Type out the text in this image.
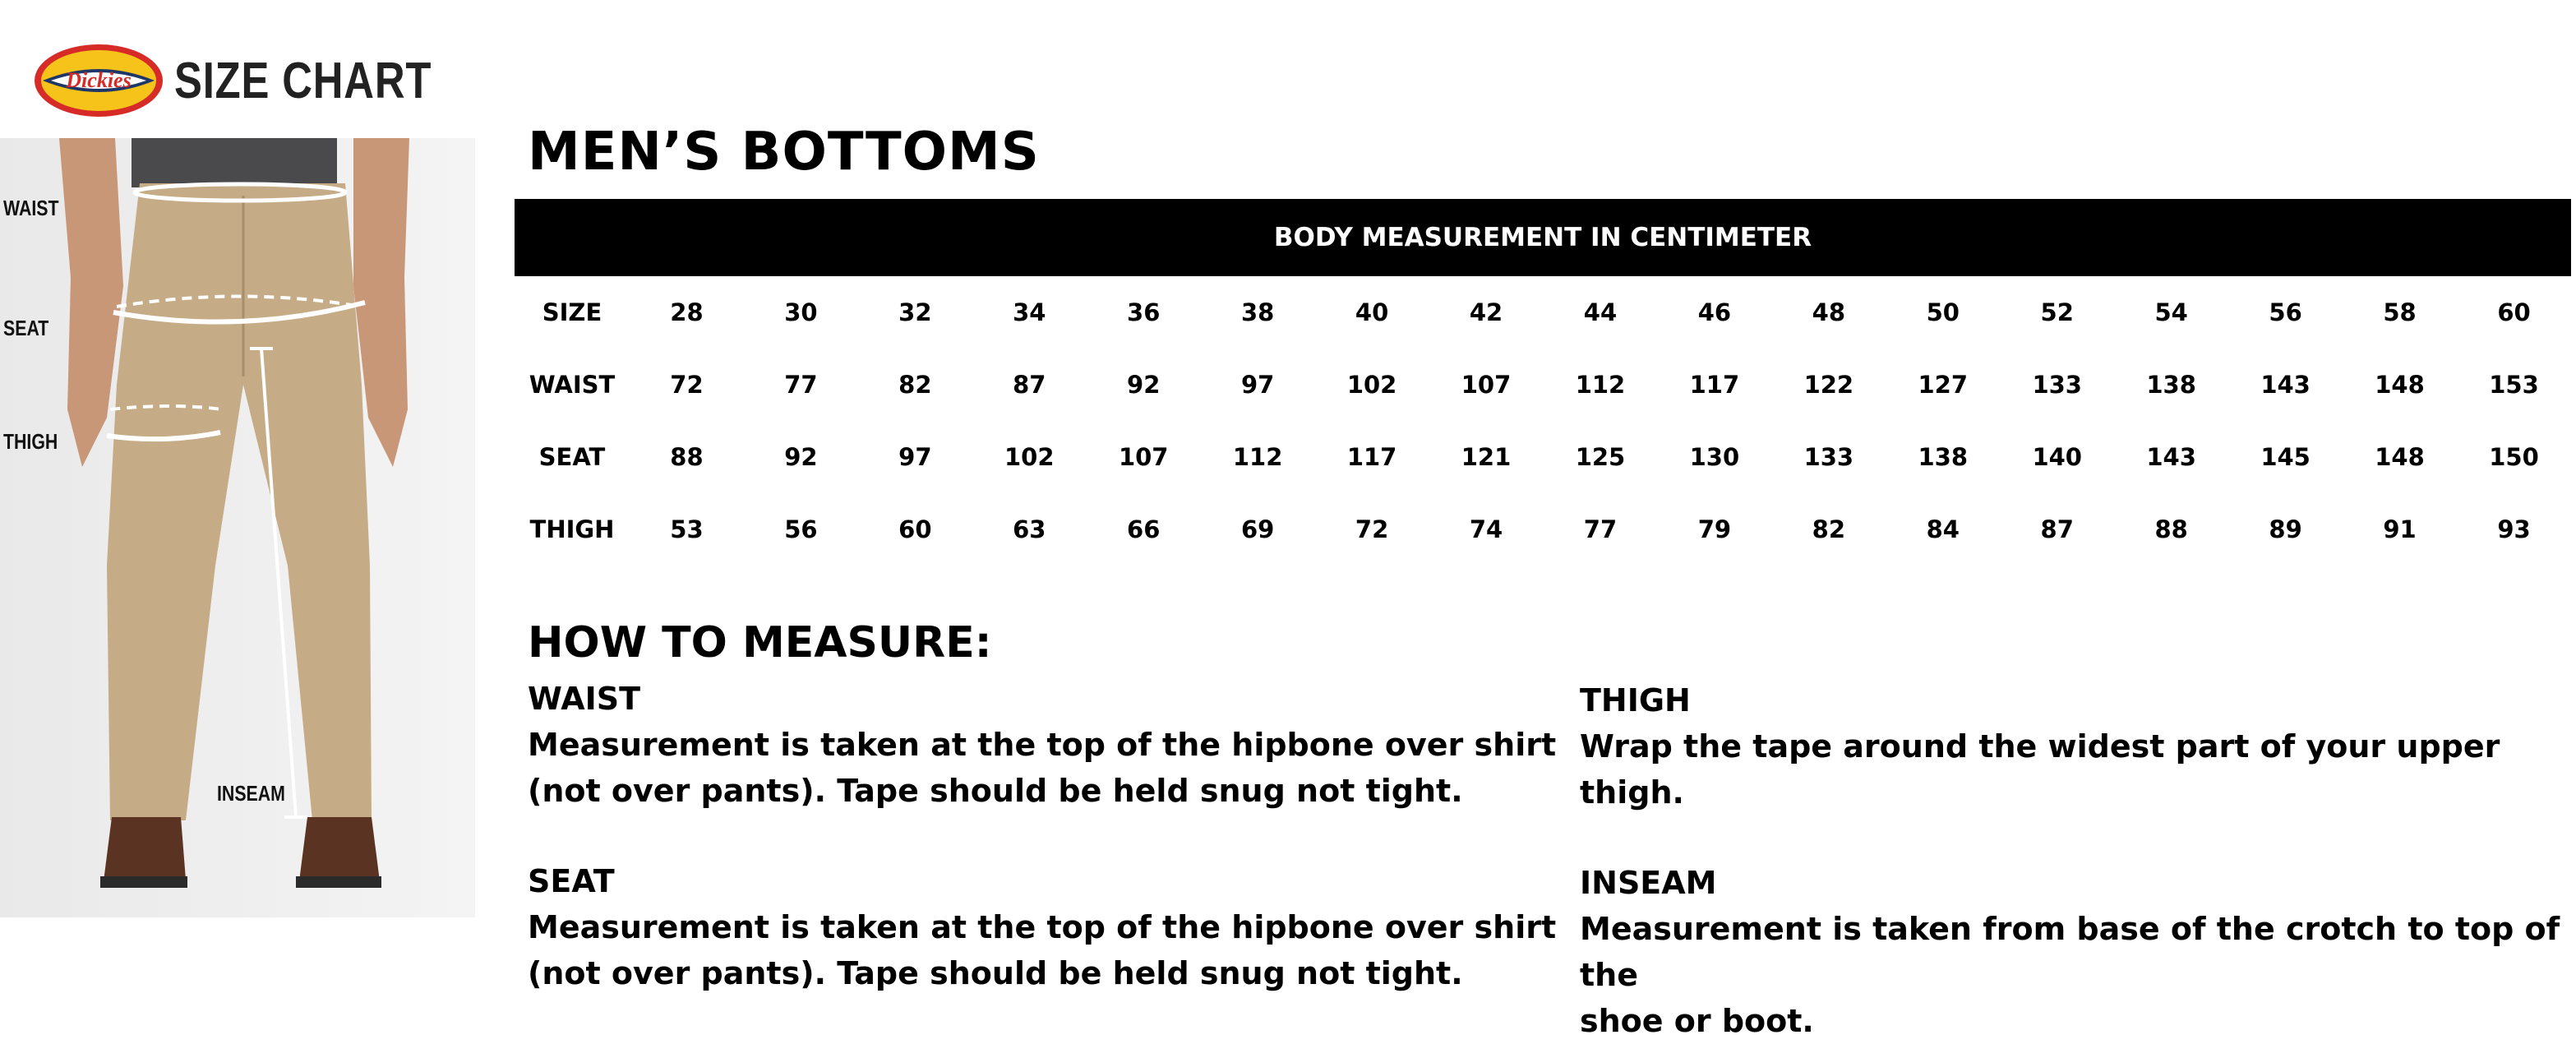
Dickies SIZE CHART
WAIST
SEAT
THIGH
INSEAM
MEN’S BOTTOMS
BODY MEASUREMENT IN CENTIMETER
SIZE	28	30	32	34	36	38	40	42	44	46	48	50	52	54	56	58	60
WAIST	72	77	82	87	92	97	102	107	112	117	122	127	133	138	143	148	153
SEAT	88	92	97	102	107	112	117	121	125	130	133	138	140	143	145	148	150
THIGH	53	56	60	63	66	69	72	74	77	79	82	84	87	88	89	91	93
HOW TO MEASURE:
WAIST
Measurement is taken at the top of the hipbone over shirt
(not over pants). Tape should be held snug not tight.
SEAT
Measurement is taken at the top of the hipbone over shirt
(not over pants). Tape should be held snug not tight.
THIGH
Wrap the tape around the widest part of your upper thigh.
INSEAM
Measurement is taken from base of the crotch to top of the
shoe or boot.
